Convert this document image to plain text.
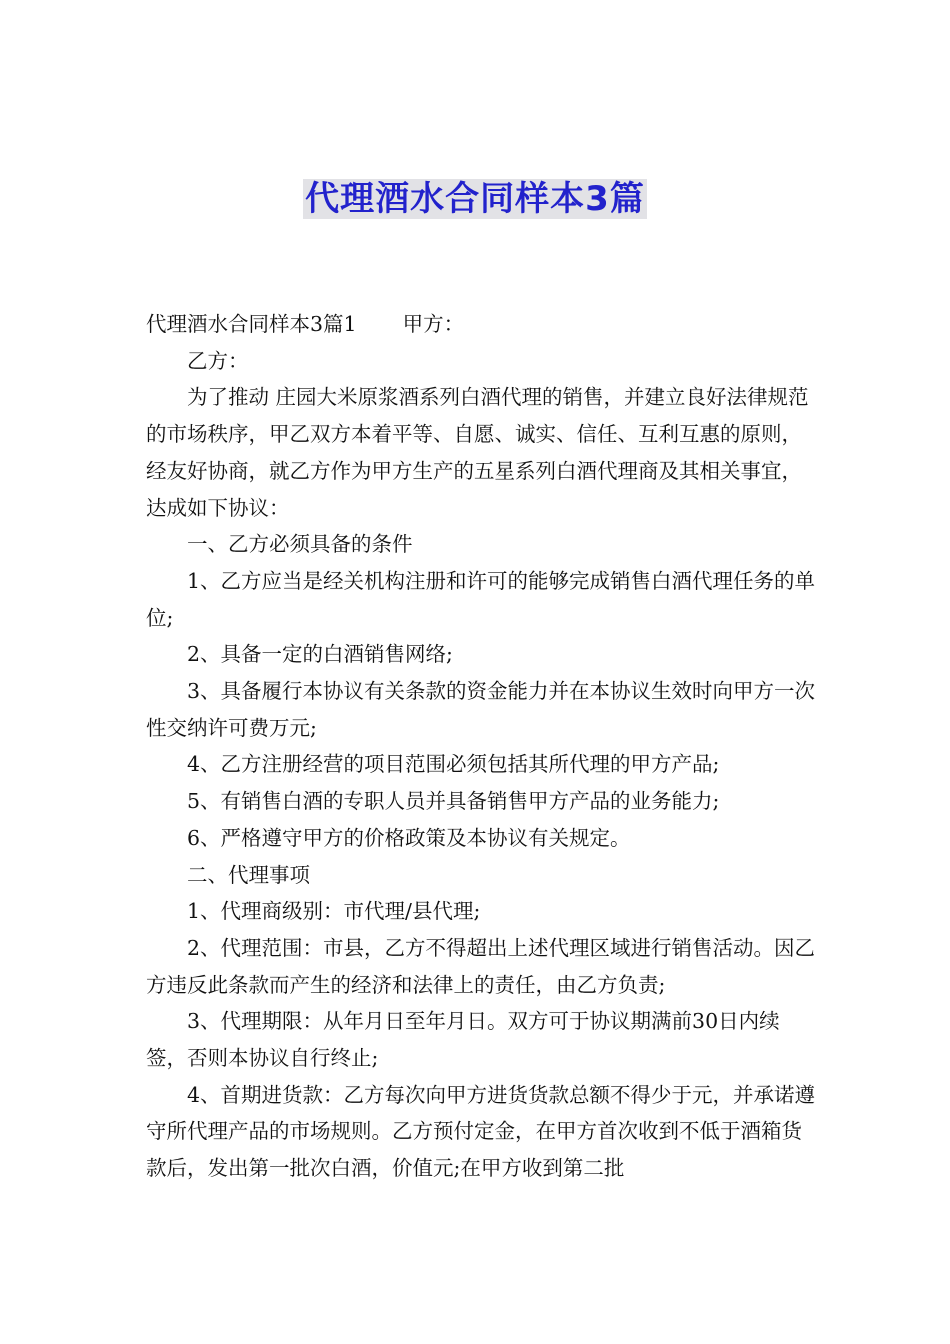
代理酒水合同样本3篇

代理酒水合同样本3篇1 甲方：

乙方：

为了推动 庄园大米原浆酒系列白酒代理的销售，并建立良好法律规范的市场秩序，甲乙双方本着平等、自愿、诚实、信任、互利互惠的原则，经友好协商，就乙方作为甲方生产的五星系列白酒代理商及其相关事宜，达成如下协议：

一、乙方必须具备的条件

1、乙方应当是经关机构注册和许可的能够完成销售白酒代理任务的单位;

2、具备一定的白酒销售网络;

3、具备履行本协议有关条款的资金能力并在本协议生效时向甲方一次性交纳许可费万元;

4、乙方注册经营的项目范围必须包括其所代理的甲方产品;

5、有销售白酒的专职人员并具备销售甲方产品的业务能力;

6、严格遵守甲方的价格政策及本协议有关规定。

二、代理事项

1、代理商级别：市代理/县代理;

2、代理范围：市县，乙方不得超出上述代理区域进行销售活动。因乙方违反此条款而产生的经济和法律上的责任，由乙方负责;

3、代理期限：从年月日至年月日。双方可于协议期满前30日内续签，否则本协议自行终止;

4、首期进货款：乙方每次向甲方进货货款总额不得少于元，并承诺遵守所代理产品的市场规则。乙方预付定金，在甲方首次收到不低于酒箱货款后，发出第一批次白酒，价值元;在甲方收到第二批
